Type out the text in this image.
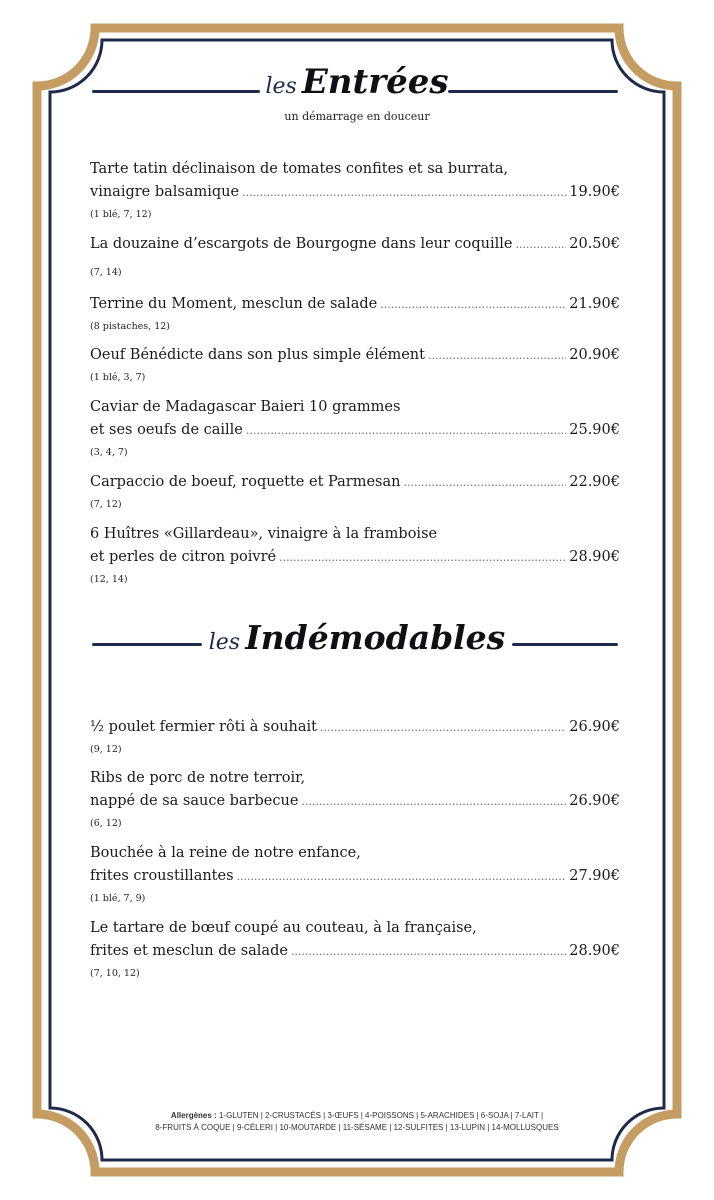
les Entrées
un démarrage en douceur
Tarte tatin déclinaison de tomates confites et sa burrata,
vinaigre balsamique .....	19.90€
(1 blé, 7, 12)
La douzaine d’escargots de Bourgogne dans leur coquille .....	20.50€
(7, 14)
Terrine du Moment, mesclun de salade .....	21.90€
(8 pistaches, 12)
Oeuf Bénédicte dans son plus simple élément .....	20.90€
(1 blé, 3, 7)
Caviar de Madagascar Baieri 10 grammes
et ses oeufs de caille .....	25.90€
(3, 4, 7)
Carpaccio de boeuf, roquette et Parmesan .....	22.90€
(7, 12)
6 Huîtres «Gillardeau», vinaigre à la framboise
et perles de citron poivré .....	28.90€
(12, 14)
les Indémodables
½ poulet fermier rôti à souhait .....	26.90€
(9, 12)
Ribs de porc de notre terroir,
nappé de sa sauce barbecue .....	26.90€
(6, 12)
Bouchée à la reine de notre enfance,
frites croustillantes .....	27.90€
(1 blé, 7, 9)
Le tartare de bœuf coupé au couteau, à la française,
frites et mesclun de salade .....	28.90€
(7, 10, 12)
Allergènes : 1-GLUTEN | 2-CRUSTACÉS | 3-ŒUFS | 4-POISSONS | 5-ARACHIDES | 6-SOJA | 7-LAIT |
8-FRUITS À COQUE | 9-CÉLERI | 10-MOUTARDE | 11-SÉSAME | 12-SULFITES | 13-LUPIN | 14-MOLLUSQUES
